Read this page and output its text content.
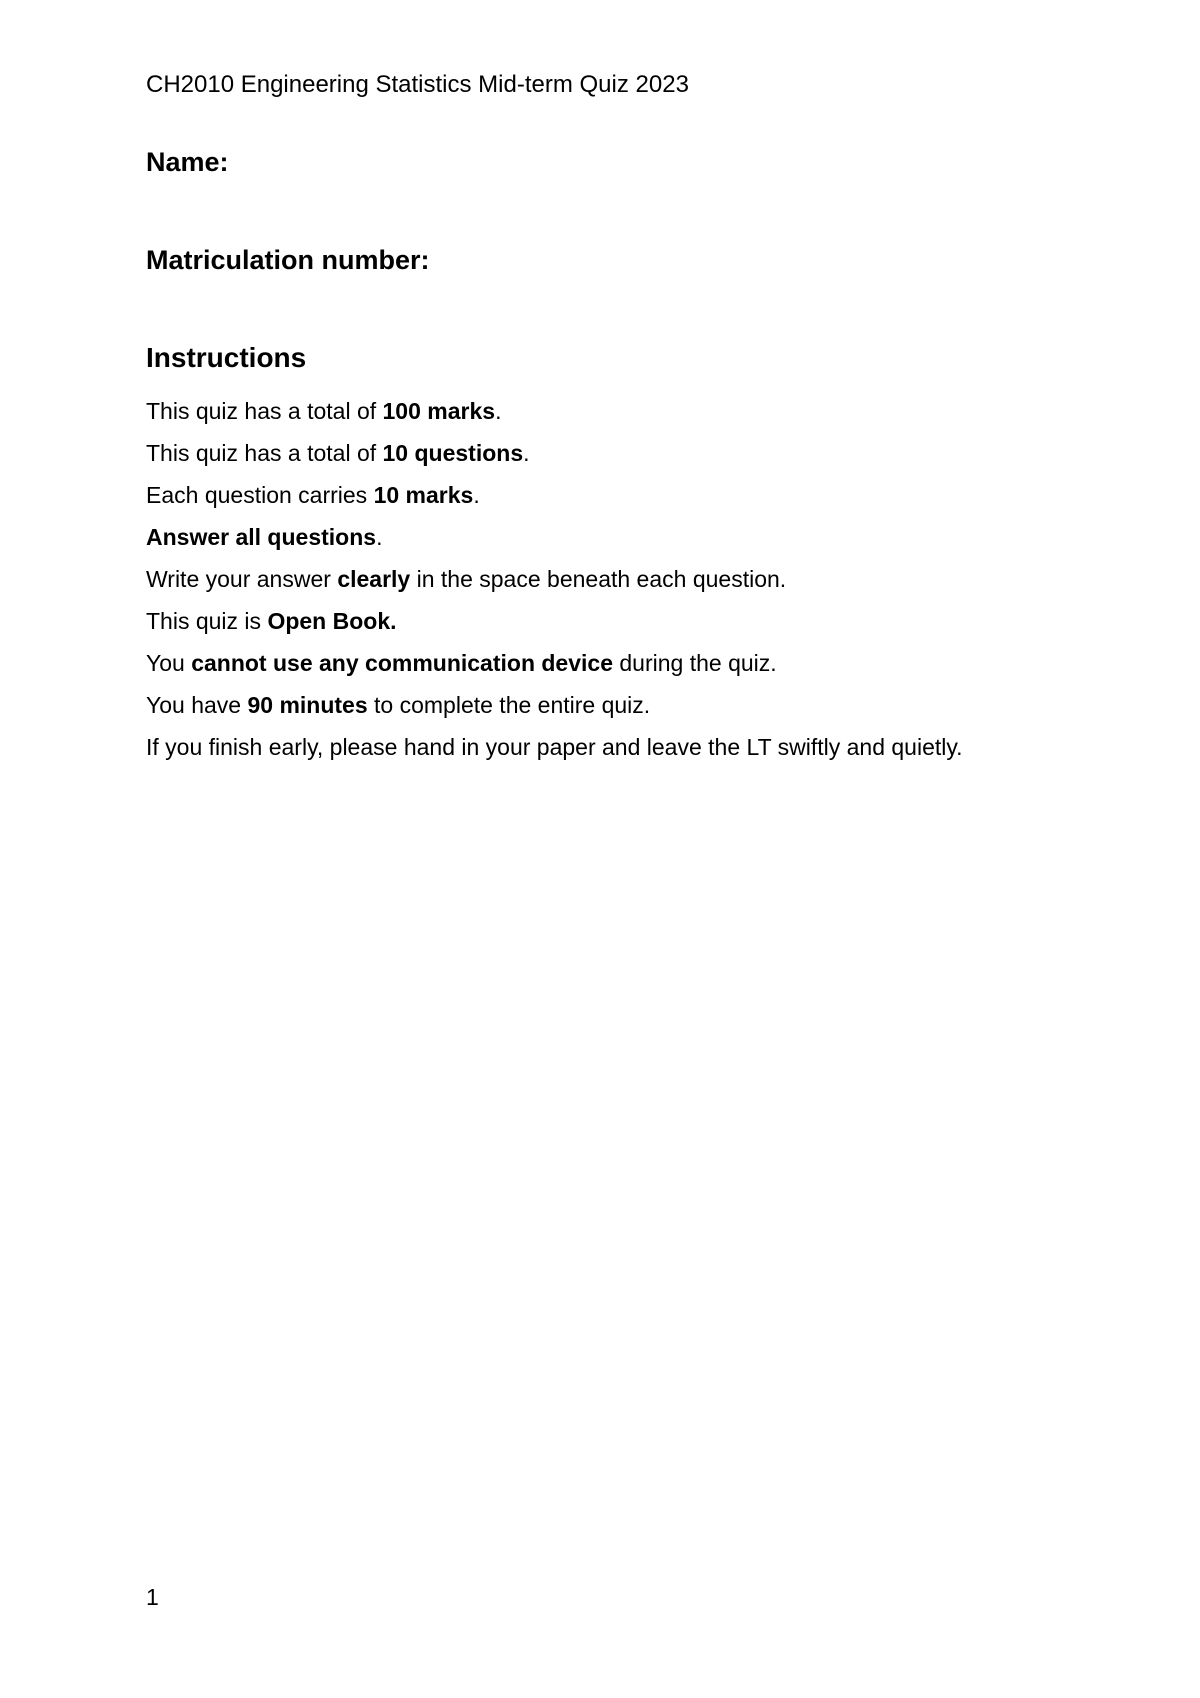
CH2010 Engineering Statistics Mid-term Quiz 2023
Name:
Matriculation number:
Instructions
This quiz has a total of 100 marks.
This quiz has a total of 10 questions.
Each question carries 10 marks.
Answer all questions.
Write your answer clearly in the space beneath each question.
This quiz is Open Book.
You cannot use any communication device during the quiz.
You have 90 minutes to complete the entire quiz.
If you finish early, please hand in your paper and leave the LT swiftly and quietly.
1
